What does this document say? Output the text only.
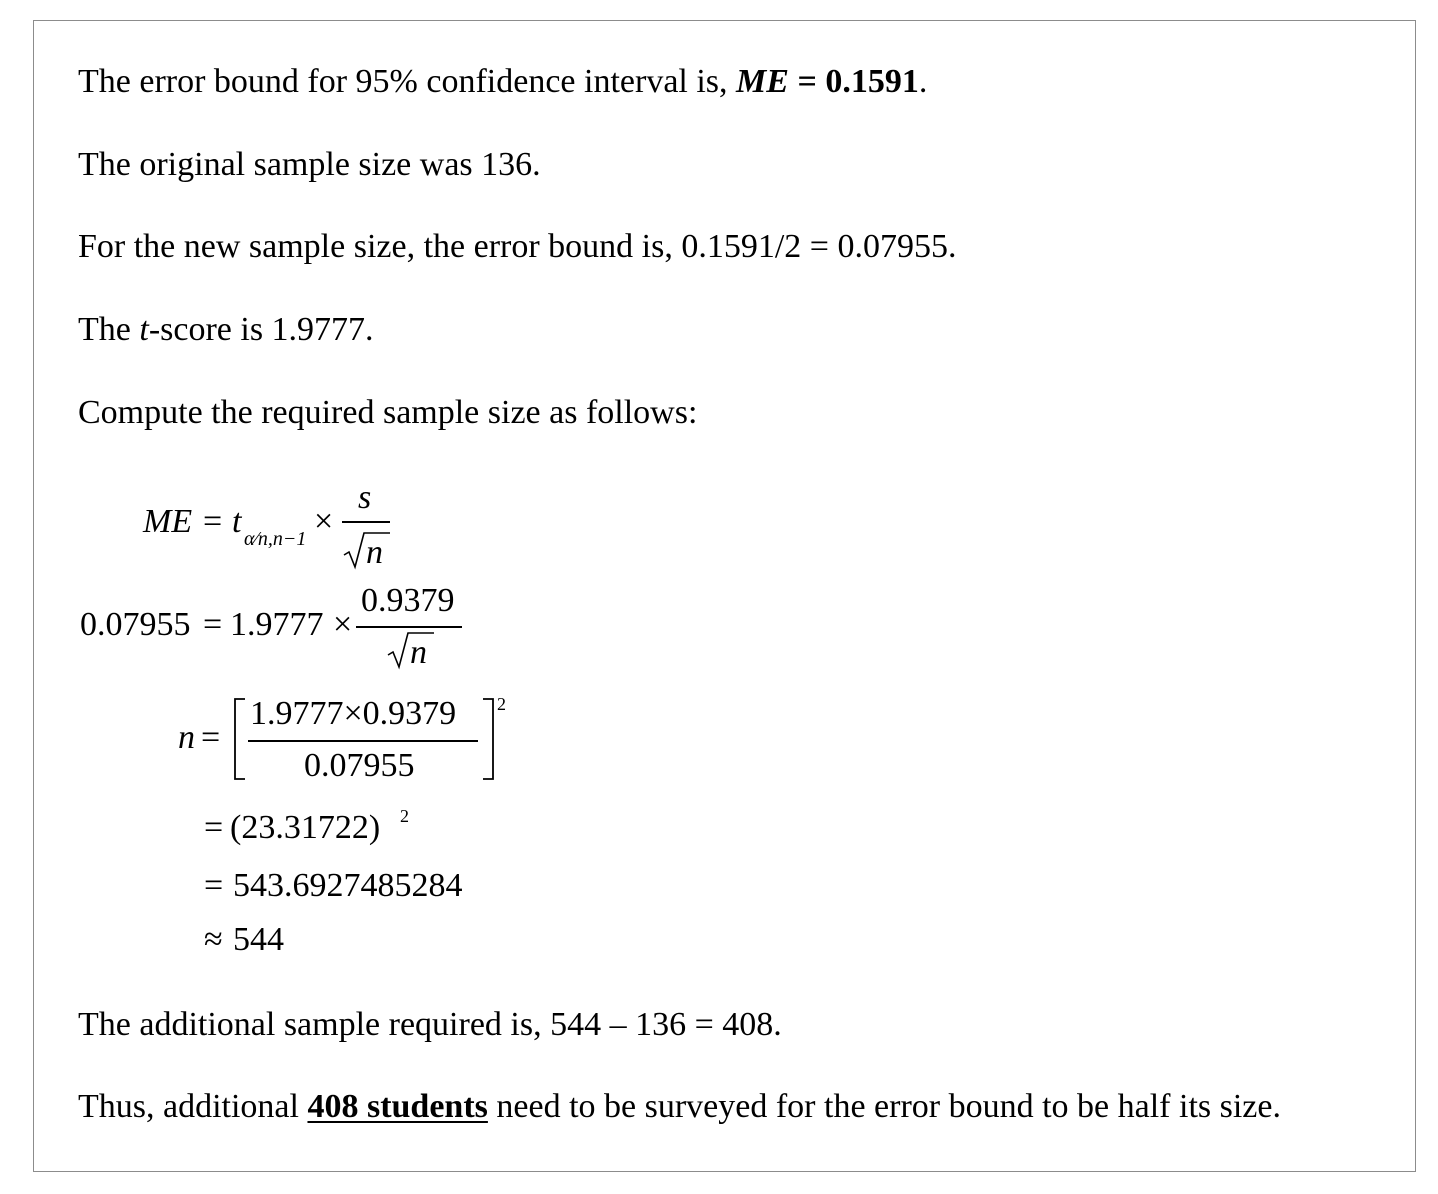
The error bound for 95% confidence interval is, ME = 0.1591.
The original sample size was 136.
For the new sample size, the error bound is, 0.1591/2 = 0.07955.
The t-score is 1.9777.
Compute the required sample size as follows:
ME = t α⁄n,n−1 ×
s
n
0.07955 = 1.9777 ×
0.9379
n
n =
1.9777×0.9379
0.07955
2
= (23.31722) 2
= 543.6927485284
≈ 544
The additional sample required is, 544 – 136 = 408.
Thus, additional 408 students need to be surveyed for the error bound to be half its size.
